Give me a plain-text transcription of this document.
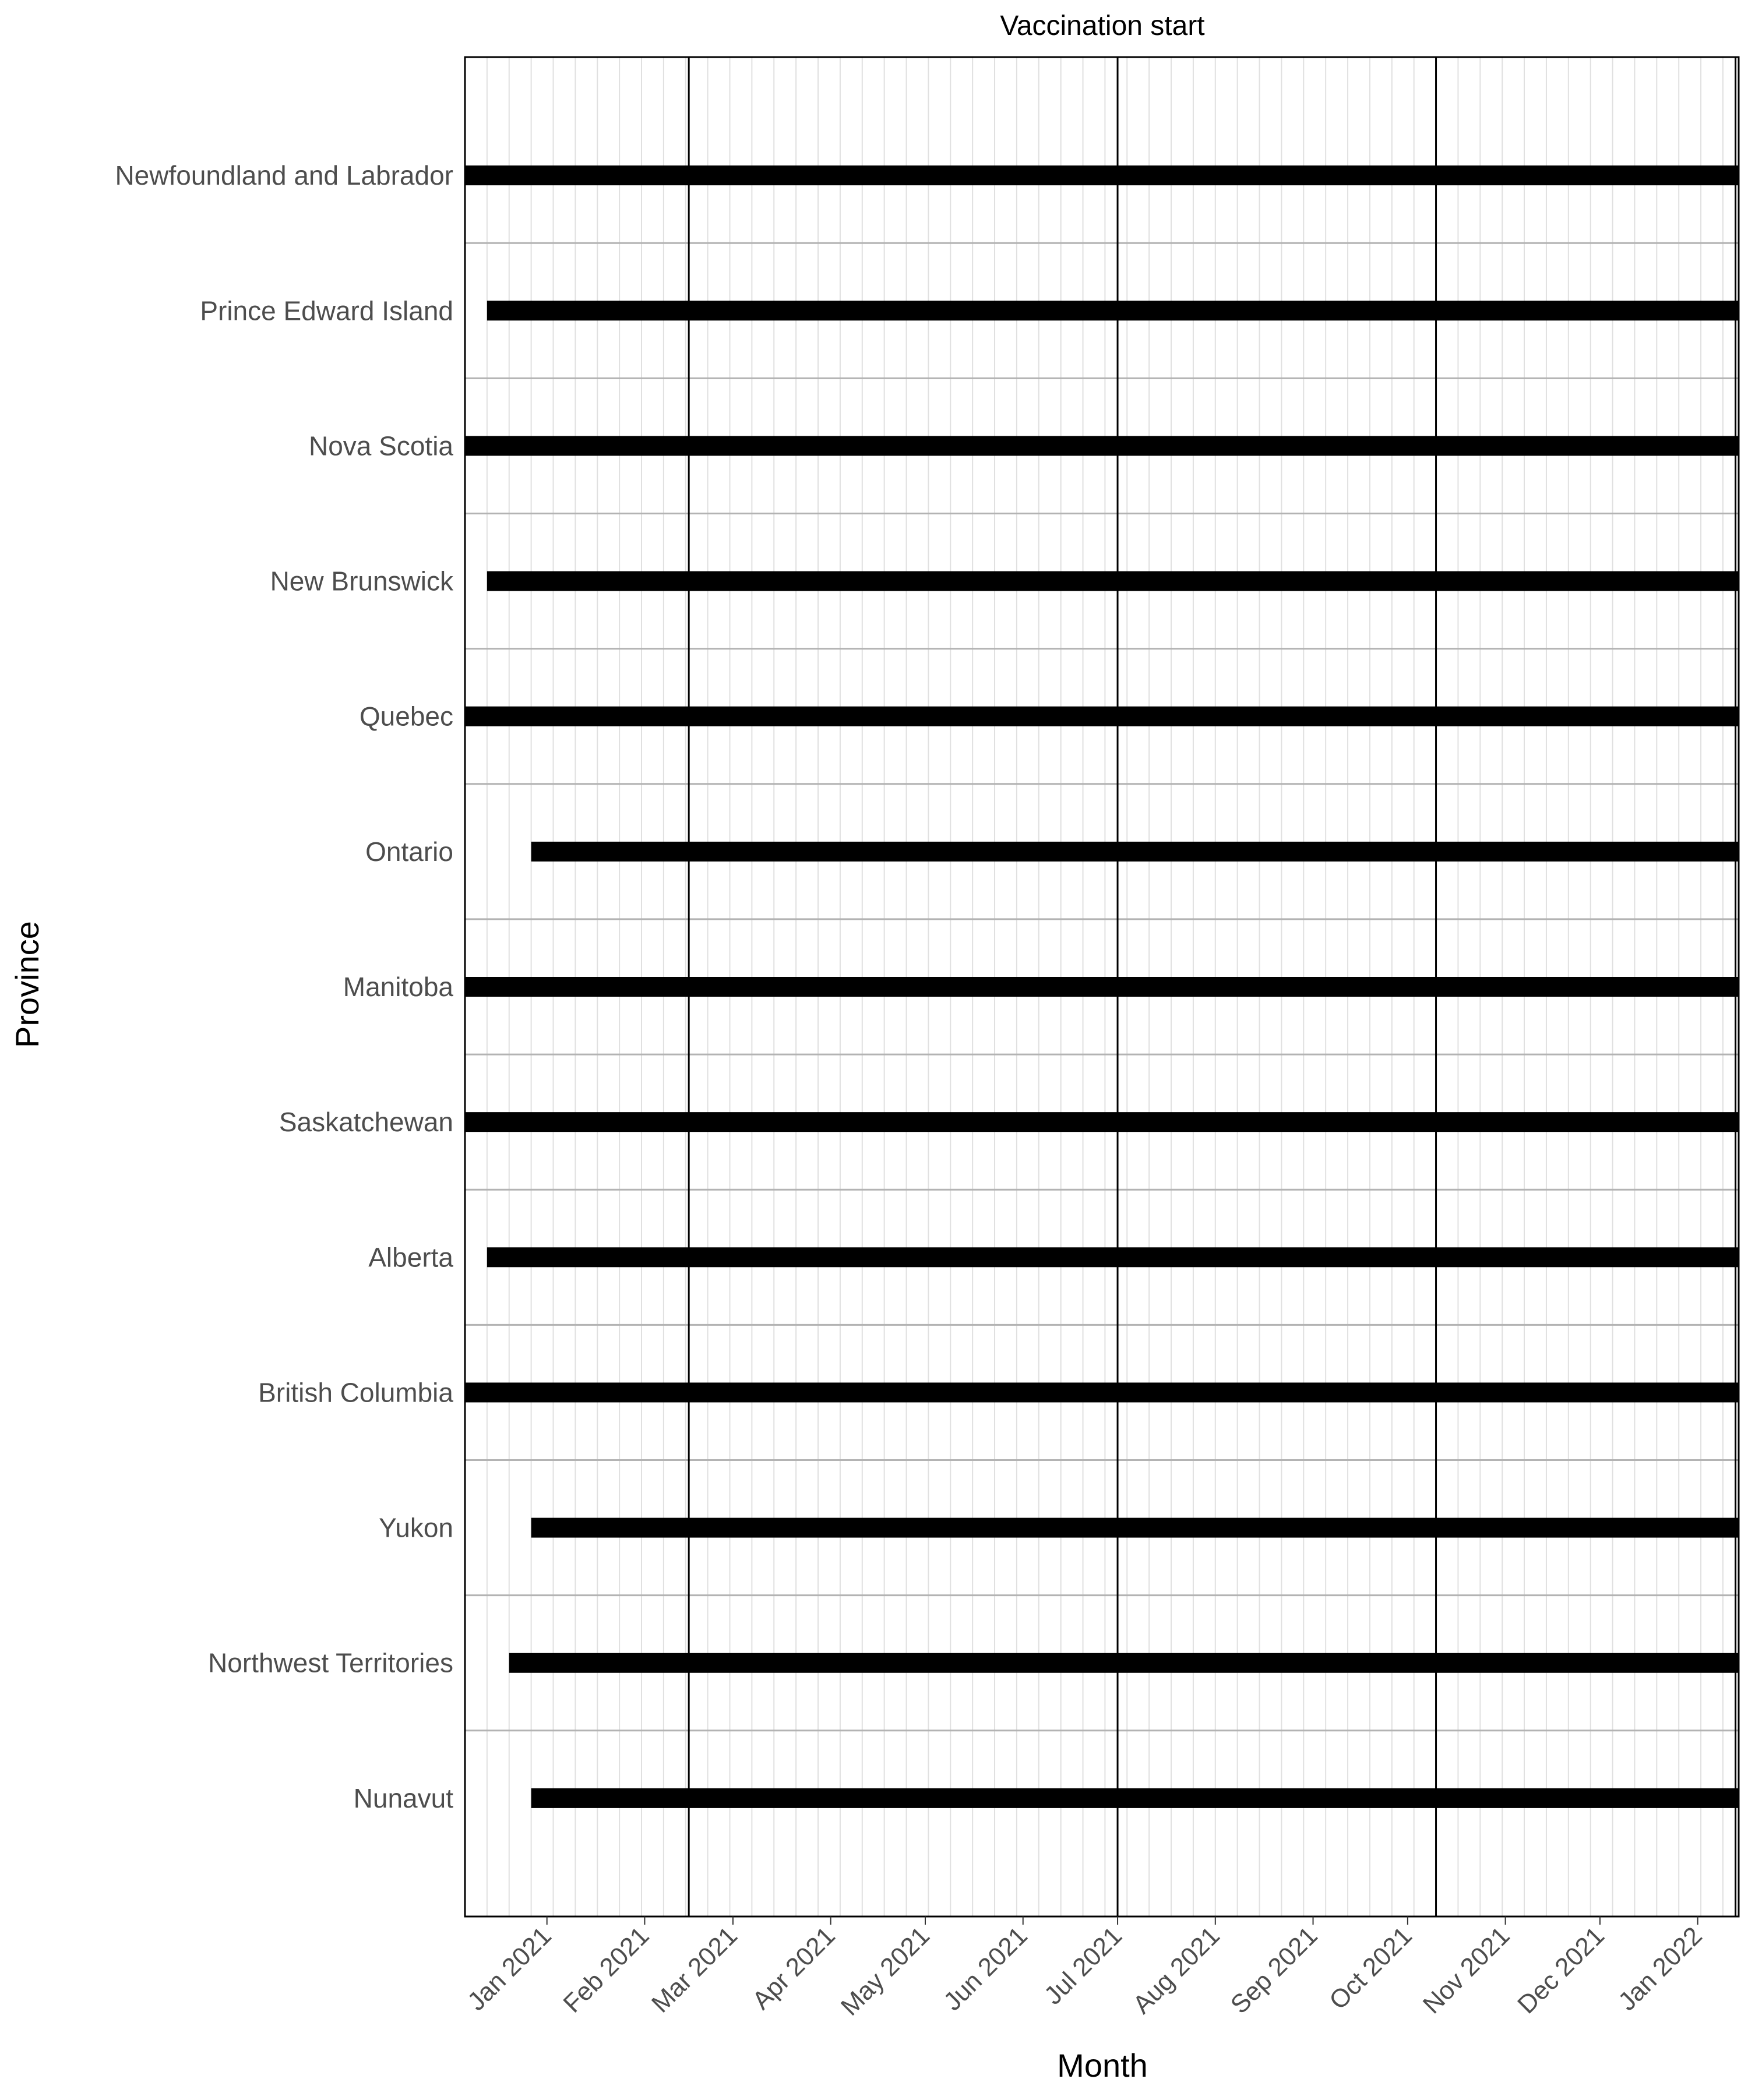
Newfoundland and Labrador
Prince Edward Island
Nova Scotia
New Brunswick
Quebec
Ontario
Manitoba
Saskatchewan
Alberta
British Columbia
Yukon
Northwest Territories
Nunavut
Jan 2021 Feb 2021
Mar 2021 Apr 2021
May 2021 Jun 2021 Jul 2021 Aug 2021 Sep 2021 Oct 2021 Nov 2021
Dec 2021 Jan 2022
Vaccination start
Month
Province
